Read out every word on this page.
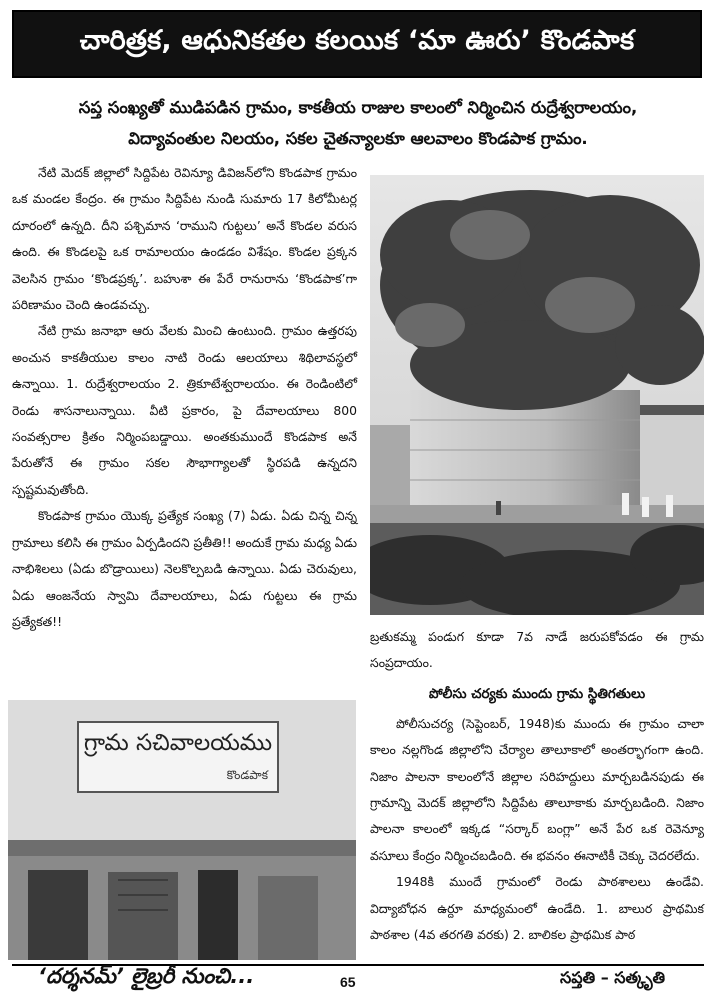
చారిత్రక, ఆధునికతల కలయిక ‘మా ఊరు’ కొండపాక
సప్త సంఖ్యతో ముడిపడిన గ్రామం, కాకతీయ రాజుల కాలంలో నిర్మించిన రుద్రేశ్వరాలయం,
విద్యావంతుల నిలయం, సకల చైతన్యాలకూ ఆలవాలం కొండపాక గ్రామం.

నేటి మెదక్ జిల్లాలో సిద్దిపేట రెవిన్యూ డివిజన్‌లోని కొండపాక గ్రామం ఒక మండల కేంద్రం. ఈ గ్రామం సిద్దిపేట నుండి సుమారు 17 కిలోమీటర్ల దూరంలో ఉన్నది. దీని పశ్చిమాన ‘రాముని గుట్టలు’ అనే కొండల వరుస ఉంది. ఈ కొండలపై ఒక రామాలయం ఉండడం విశేషం. కొండల ప్రక్కన వెలసిన గ్రామం ‘కొండప్రక్క’. బహుశా ఈ పేరే రానురాను ‘కొండపాక’గా పరిణామం చెంది ఉండవచ్చు.

నేటి గ్రామ జనాభా ఆరు వేలకు మించి ఉంటుంది. గ్రామం ఉత్తరపు అంచున కాకతీయుల కాలం నాటి రెండు ఆలయాలు శిథిలావస్థలో ఉన్నాయి. 1. రుద్రేశ్వరాలయం 2. త్రికూటేశ్వరాలయం. ఈ రెండింటిలో రెండు శాసనాలున్నాయి. వీటి ప్రకారం, పై దేవాలయాలు 800 సంవత్సరాల క్రితం నిర్మింపబడ్డాయి. అంతకుముందే కొండపాక అనే పేరుతోనే ఈ గ్రామం సకల సౌభాగ్యాలతో స్థిరపడి ఉన్నదని స్పష్టమవుతోంది.

కొండపాక గ్రామం యొక్క ప్రత్యేక సంఖ్య (7) ఏడు. ఏడు చిన్న చిన్న గ్రామాలు కలిసి ఈ గ్రామం ఏర్పడిందని ప్రతీతి!! అందుకే గ్రామ మధ్య ఏడు నాభిశిలలు (ఏడు బొడ్రాయిలు) నెలకొల్పబడి ఉన్నాయి. ఏడు చెరువులు, ఏడు ఆంజనేయ స్వామి దేవాలయాలు, ఏడు గుట్టలు ఈ గ్రామ ప్రత్యేకత!!

బ్రతుకమ్మ పండుగ కూడా 7వ నాడే జరుపకోవడం ఈ గ్రామ సంప్రదాయం.

పోలీసు చర్యకు ముందు గ్రామ స్థితిగతులు

పోలీసుచర్య (సెప్టెంబర్, 1948)కు ముందు ఈ గ్రామం చాలా కాలం నల్లగొండ జిల్లాలోని చేర్యాల తాలూకాలో అంతర్భాగంగా ఉంది. నిజాం పాలనా కాలంలోనే జిల్లాల సరిహద్దులు మార్చబడినపుడు ఈ గ్రామాన్ని మెదక్ జిల్లాలోని సిద్దిపేట తాలూకాకు మార్చబడింది. నిజాం పాలనా కాలంలో ఇక్కడ “సర్కార్ బంగ్లా” అనే పేర ఒక రెవెన్యూ వసూలు కేంద్రం నిర్మించబడింది. ఈ భవనం ఈనాటికీ చెక్కు చెదరలేదు.

1948కి ముందే గ్రామంలో రెండు పాఠశాలలు ఉండేవి. విద్యాబోధన ఉర్దూ మాధ్యమంలో ఉండేది. 1. బాలుర ప్రాథమిక పాఠశాల (4వ తరగతి వరకు) 2. బాలికల ప్రాథమిక పాఠ

గ్రామ సచివాలయము
కొండపాక
‘దర్శనమ్’ లైబ్రరీ నుంచి...	65	సప్తతి – సత్కృతి
